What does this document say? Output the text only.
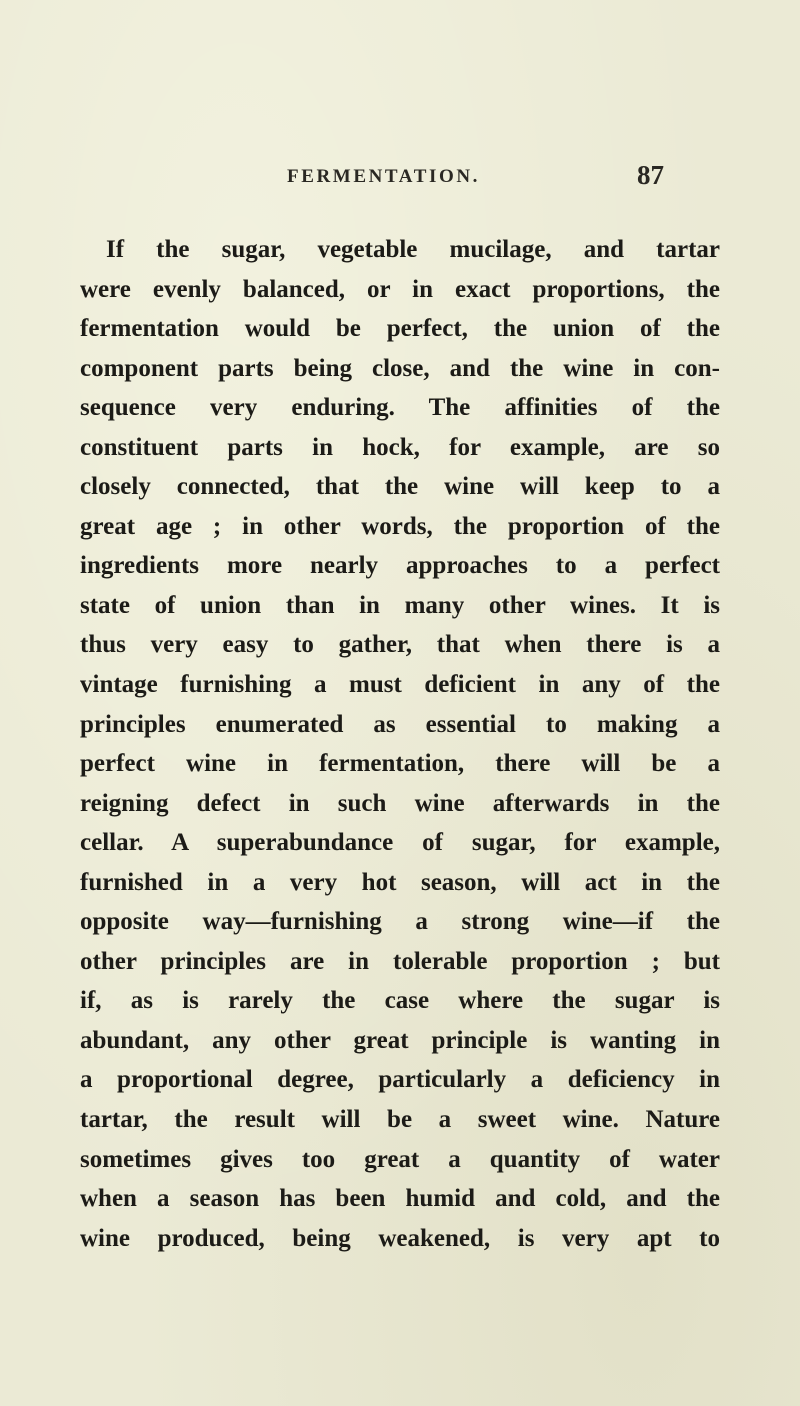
FERMENTATION.	87
If the sugar, vegetable mucilage, and tartar
were evenly balanced, or in exact proportions, the
fermentation would be perfect, the union of the
component parts being close, and the wine in con-
sequence very enduring. The affinities of the
constituent parts in hock, for example, are so
closely connected, that the wine will keep to a
great age ; in other words, the proportion of the
ingredients more nearly approaches to a perfect
state of union than in many other wines. It is
thus very easy to gather, that when there is a
vintage furnishing a must deficient in any of the
principles enumerated as essential to making a
perfect wine in fermentation, there will be a
reigning defect in such wine afterwards in the
cellar. A superabundance of sugar, for example,
furnished in a very hot season, will act in the
opposite way—furnishing a strong wine—if the
other principles are in tolerable proportion ; but
if, as is rarely the case where the sugar is
abundant, any other great principle is wanting in
a proportional degree, particularly a deficiency in
tartar, the result will be a sweet wine. Nature
sometimes gives too great a quantity of water
when a season has been humid and cold, and the
wine produced, being weakened, is very apt to
